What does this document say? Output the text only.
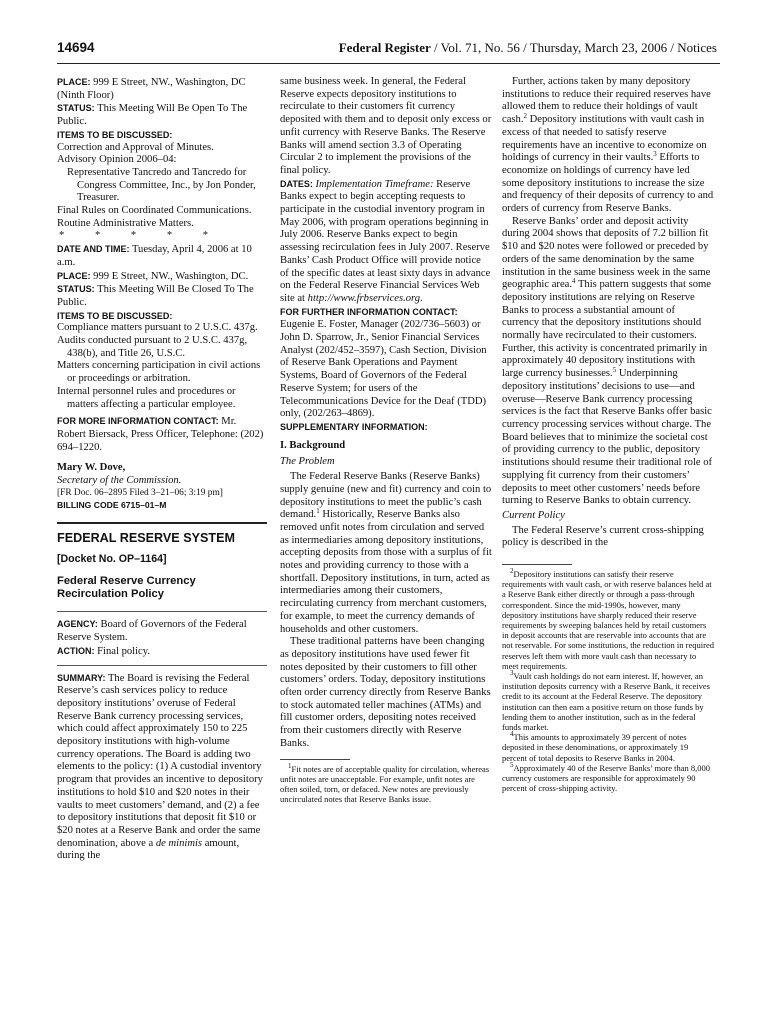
14694	Federal Register / Vol. 71, No. 56 / Thursday, March 23, 2006 / Notices

PLACE: 999 E Street, NW., Washington, DC (Ninth Floor)

STATUS: This Meeting Will Be Open To The Public.

ITEMS TO BE DISCUSSED:

Correction and Approval of Minutes.

Advisory Opinion 2006–04:

Representative Tancredo and Tancredo for Congress Committee, Inc., by Jon Ponder, Treasurer.

Final Rules on Coordinated Communications.

Routine Administrative Matters.

* * * * *

DATE AND TIME: Tuesday, April 4, 2006 at 10 a.m.

PLACE: 999 E Street, NW., Washington, DC.

STATUS: This Meeting Will Be Closed To The Public.

ITEMS TO BE DISCUSSED:

Compliance matters pursuant to 2 U.S.C. 437g.

Audits conducted pursuant to 2 U.S.C. 437g, 438(b), and Title 26, U.S.C.

Matters concerning participation in civil actions or proceedings or arbitration.

Internal personnel rules and procedures or matters affecting a particular employee.

FOR MORE INFORMATION CONTACT: Mr. Robert Biersack, Press Officer, Telephone: (202) 694–1220.

Mary W. Dove,

Secretary of the Commission.

[FR Doc. 06–2895 Filed 3–21–06; 3:19 pm]

BILLING CODE 6715–01–M

FEDERAL RESERVE SYSTEM

[Docket No. OP–1164]

Federal Reserve Currency Recirculation Policy

AGENCY: Board of Governors of the Federal Reserve System.

ACTION: Final policy.

SUMMARY: The Board is revising the Federal Reserve’s cash services policy to reduce depository institutions’ overuse of Federal Reserve Bank currency processing services, which could affect approximately 150 to 225 depository institutions with high-volume currency operations. The Board is adding two elements to the policy: (1) A custodial inventory program that provides an incentive to depository institutions to hold $10 and $20 notes in their vaults to meet customers’ demand, and (2) a fee to depository institutions that deposit fit $10 or $20 notes at a Reserve Bank and order the same denomination, above a de minimis amount, during the

same business week. In general, the Federal Reserve expects depository institutions to recirculate to their customers fit currency deposited with them and to deposit only excess or unfit currency with Reserve Banks. The Reserve Banks will amend section 3.3 of Operating Circular 2 to implement the provisions of the final policy.

DATES: Implementation Timeframe: Reserve Banks expect to begin accepting requests to participate in the custodial inventory program in May 2006, with program operations beginning in July 2006. Reserve Banks expect to begin assessing recirculation fees in July 2007. Reserve Banks’ Cash Product Office will provide notice of the specific dates at least sixty days in advance on the Federal Reserve Financial Services Web site at http://www.frbservices.org.

FOR FURTHER INFORMATION CONTACT: Eugenie E. Foster, Manager (202/736–5603) or John D. Sparrow, Jr., Senior Financial Services Analyst (202/452–3597), Cash Section, Division of Reserve Bank Operations and Payment Systems, Board of Governors of the Federal Reserve System; for users of the Telecommunications Device for the Deaf (TDD) only, (202/263–4869).

SUPPLEMENTARY INFORMATION:

I. Background

The Problem

The Federal Reserve Banks (Reserve Banks) supply genuine (new and fit) currency and coin to depository institutions to meet the public’s cash demand.$^1$ Historically, Reserve Banks also removed unfit notes from circulation and served as intermediaries among depository institutions, accepting deposits from those with a surplus of fit notes and providing currency to those with a shortfall. Depository institutions, in turn, acted as intermediaries among their customers, recirculating currency from merchant customers, for example, to meet the currency demands of households and other customers.

These traditional patterns have been changing as depository institutions have used fewer fit notes deposited by their customers to fill other customers’ orders. Today, depository institutions often order currency directly from Reserve Banks to stock automated teller machines (ATMs) and fill customer orders, depositing notes received from their customers directly with Reserve Banks.

$^1$Fit notes are of acceptable quality for circulation, whereas unfit notes are unacceptable. For example, unfit notes are often soiled, torn, or defaced. New notes are previously uncirculated notes that Reserve Banks issue.

Further, actions taken by many depository institutions to reduce their required reserves have allowed them to reduce their holdings of vault cash.$^2$ Depository institutions with vault cash in excess of that needed to satisfy reserve requirements have an incentive to economize on holdings of currency in their vaults.$^3$ Efforts to economize on holdings of currency have led some depository institutions to increase the size and frequency of their deposits of currency to and orders of currency from Reserve Banks.

Reserve Banks’ order and deposit activity during 2004 shows that deposits of 7.2 billion fit $10 and $20 notes were followed or preceded by orders of the same denomination by the same institution in the same business week in the same geographic area.$^4$ This pattern suggests that some depository institutions are relying on Reserve Banks to process a substantial amount of currency that the depository institutions should normally have recirculated to their customers. Further, this activity is concentrated primarily in approximately 40 depository institutions with large currency businesses.$^5$ Underpinning depository institutions’ decisions to use—and overuse—Reserve Bank currency processing services is the fact that Reserve Banks offer basic currency processing services without charge. The Board believes that to minimize the societal cost of providing currency to the public, depository institutions should resume their traditional role of supplying fit currency from their customers’ deposits to meet other customers’ needs before turning to Reserve Banks to obtain currency.

Current Policy

The Federal Reserve’s current cross-shipping policy is described in the

$^2$Depository institutions can satisfy their reserve requirements with vault cash, or with reserve balances held at a Reserve Bank either directly or through a pass-through correspondent. Since the mid-1990s, however, many depository institutions have sharply reduced their reserve requirements by sweeping balances held by retail customers in deposit accounts that are reservable into accounts that are not reservable. For some institutions, the reduction in required reserves left them with more vault cash than necessary to meet requirements.

$^3$Vault cash holdings do not earn interest. If, however, an institution deposits currency with a Reserve Bank, it receives credit to its account at the Federal Reserve. The depository institution can then earn a positive return on those funds by lending them to another institution, such as in the federal funds market.

$^4$This amounts to approximately 39 percent of notes deposited in these denominations, or approximately 19 percent of total deposits to Reserve Banks in 2004.

$^5$Approximately 40 of the Reserve Banks’ more than 8,000 currency customers are responsible for approximately 90 percent of cross-shipping activity.
